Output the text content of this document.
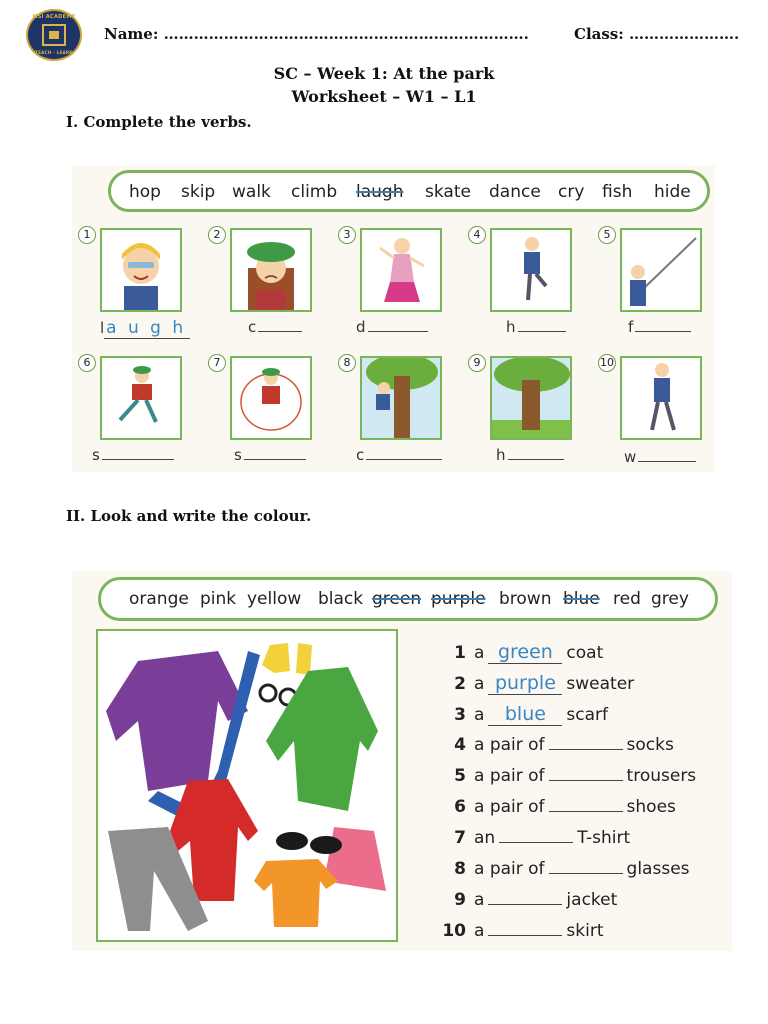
MSI ACADEMY
TEACH · LEARN
Name: ……………………………………………………………….	Class: ………………….
SC – Week 1: At the park
Worksheet – W1 – L1
I. Complete the verbs.
hop skip walk climb laugh skate dance cry fish hide
1	2	3	4	5
l a u g h	c	d	h	f
6	7	8	9	10
s	s	c	h	w
II. Look and write the colour.
orange pink yellow black green purple brown blue red grey
1 a green coat
2 a purple sweater
3 a blue scarf
4 a pair of	socks
5 a pair of	trousers
6 a pair of	shoes
7 an	T-shirt
8 a pair of	glasses
9 a	jacket
10 a	skirt
